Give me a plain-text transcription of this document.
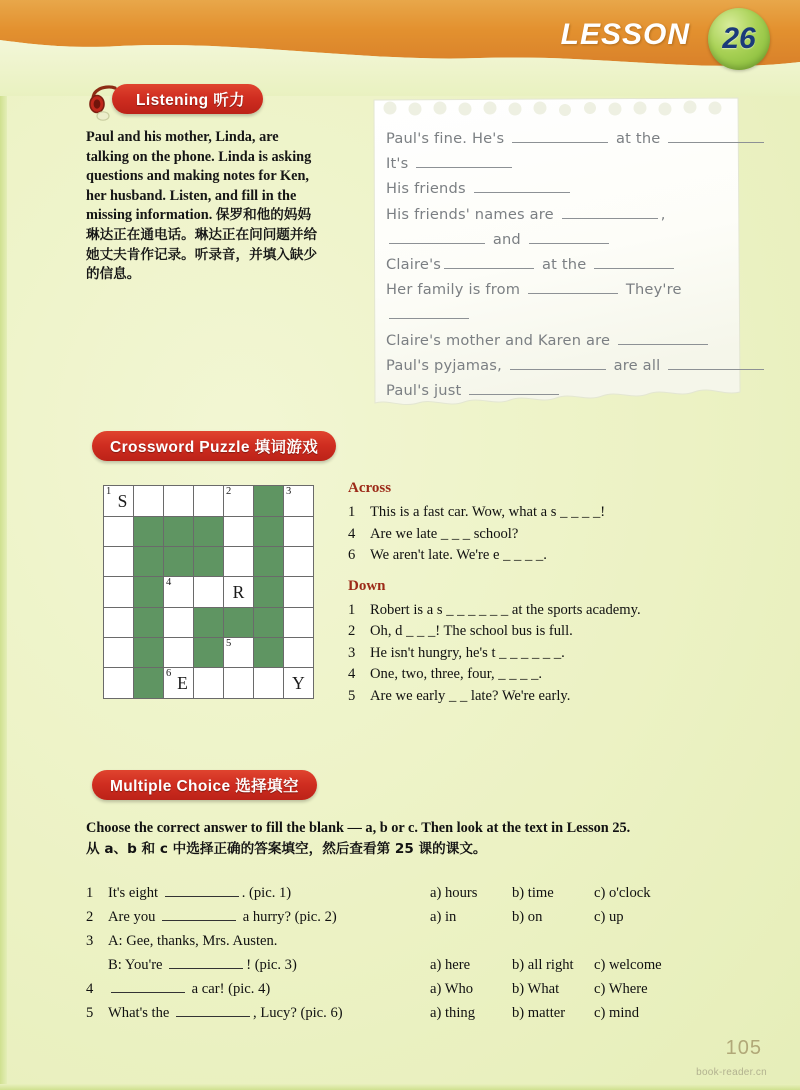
LESSON 26
Listening 听力
Paul and his mother, Linda, are talking on the phone. Linda is asking questions and making notes for Ken, her husband. Listen, and fill in the missing information. 保罗和他的妈妈琳达正在通电话。琳达正在问问题并给她丈夫肯作记录。听录音，并填入缺少的信息。
Paul's fine. He's	at the
It's
His friends
His friends' names are	,
and
Claire's	at the
Her family is from	They're
Claire's mother and Karen are
Paul's pyjamas,	are all
Paul's just
Crossword Puzzle 填词游戏
1 S				2		3

		4		R		

				5		

		6 E				Y
Across
1	This is a fast car. Wow, what a s _ _ _ _!
4	Are we late _ _ _ school?
6	We aren't late. We're e _ _ _ _.
Down
1	Robert is a s _ _ _ _ _ _ at the sports academy.
2	Oh, d _ _ _! The school bus is full.
3	He isn't hungry, he's t _ _ _ _ _ _.
4	One, two, three, four, _ _ _ _.
5	Are we early _ _ late? We're early.
Multiple Choice 选择填空
Choose the correct answer to fill the blank — a, b or c. Then look at the text in Lesson 25.
从 a、b 和 c 中选择正确的答案填空，然后查看第 25 课的课文。
1	It's eight	. (pic. 1)	a) hours	b) time	c) o'clock
2	Are you	a hurry? (pic. 2)	a) in	b) on	c) up
3	A: Gee, thanks, Mrs. Austen.
B: You're	! (pic. 3)	a) here	b) all right	c) welcome
4	a car! (pic. 4)	a) Who	b) What	c) Where
5	What's the	, Lucy? (pic. 6)	a) thing	b) matter	c) mind
105
book-reader.cn
